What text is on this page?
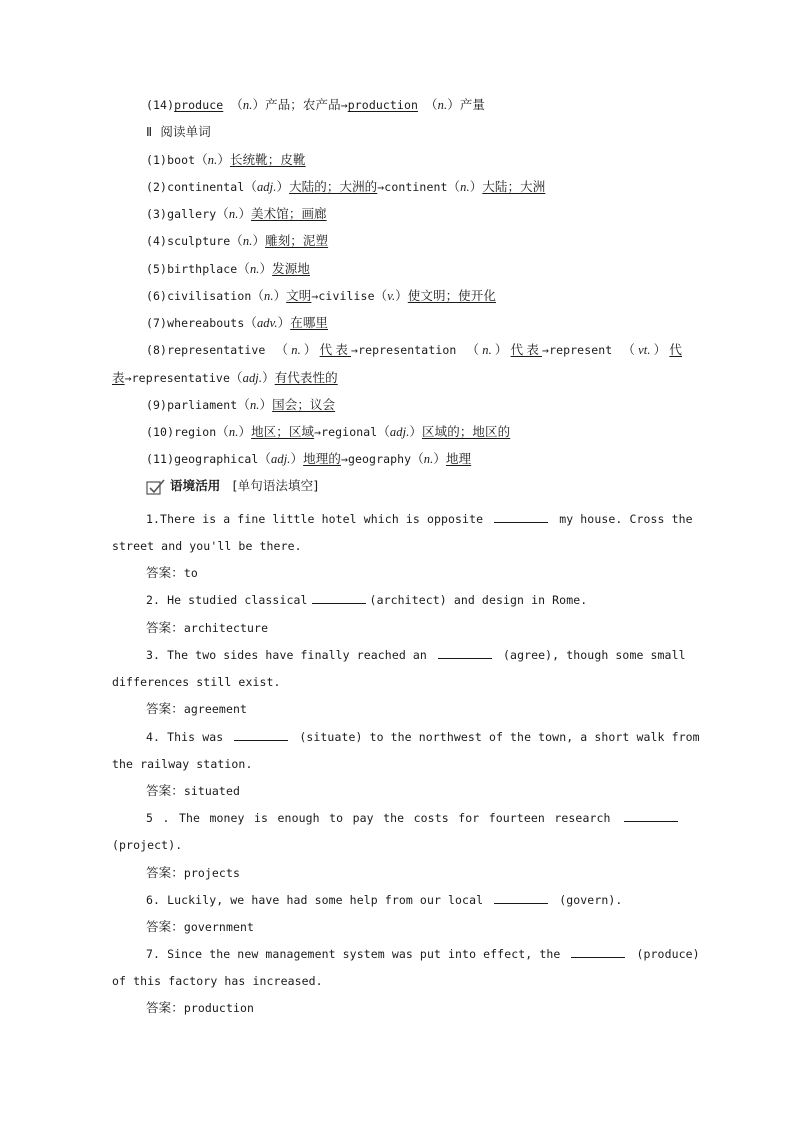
(14)produce （n.）产品；农产品→production （n.）产量
Ⅱ 阅读单词
(1)boot（n.）长统靴；皮靴
(2)continental（adj.）大陆的；大洲的→continent（n.）大陆；大洲
(3)gallery（n.）美术馆；画廊
(4)sculpture（n.）雕刻；泥塑
(5)birthplace（n.）发源地
(6)civilisation（n.）文明→civilise（v.）使文明；使开化
(7)whereabouts（adv.）在哪里
(8)representative （n.）代表→representation （n.）代表→represent （vt.）代
表→representative（adj.）有代表性的
(9)parliament（n.）国会；议会
(10)region（n.）地区；区域→regional（adj.）区域的；地区的
(11)geographical（adj.）地理的→geography（n.）地理
语境活用 [单句语法填空]
1.There is a fine little hotel which is opposite	my house. Cross the
street and you'll be there.
答案：to
2. He studied classical	(architect) and design in Rome.
答案：architecture
3. The two sides have finally reached an	(agree), though some small
differences still exist.
答案：agreement
4. This was	(situate) to the northwest of the town, a short walk from
the railway station.
答案：situated
5 . The money is enough to pay the costs for fourteen research
(project).
答案：projects
6. Luckily, we have had some help from our local	(govern).
答案：government
7. Since the new management system was put into effect, the	(produce)
of this factory has increased.
答案：production
